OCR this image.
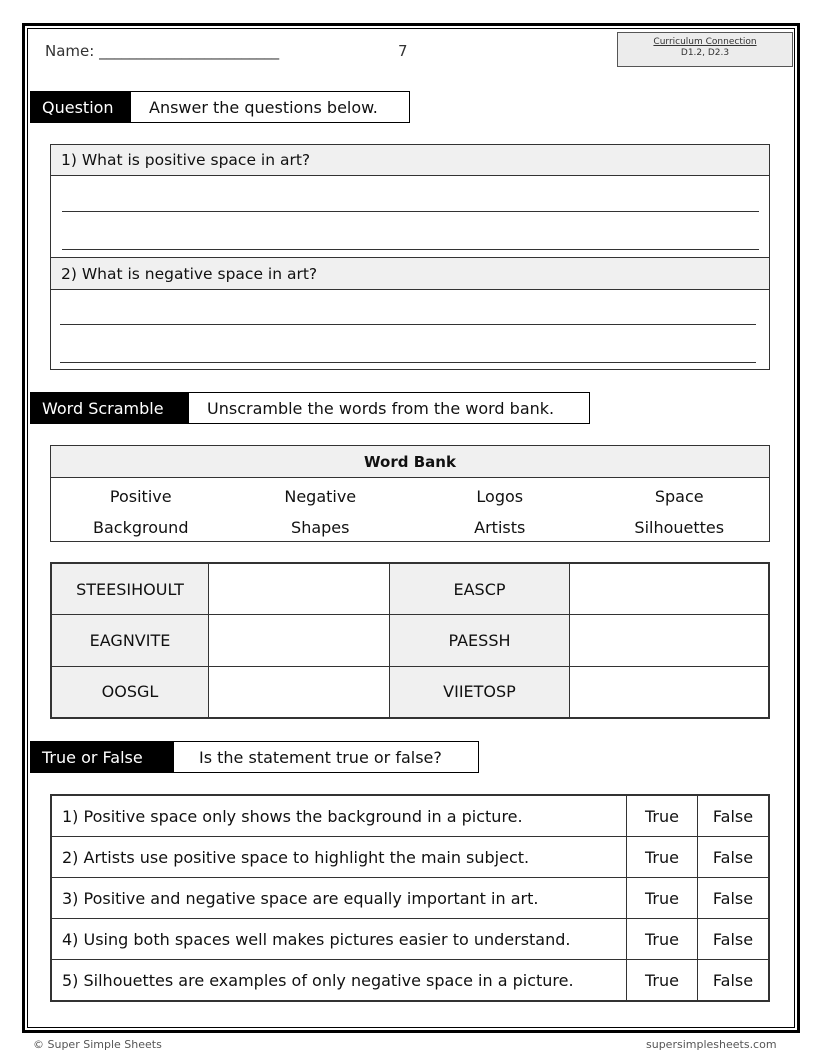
Name: ________________________	7	Curriculum Connection
D1.2, D2.3
Question	Answer the questions below.
1) What is positive space in art?
2) What is negative space in art?
Word Scramble	Unscramble the words from the word bank.
Word Bank
Positive	Negative	Logos	Space
Background	Shapes	Artists	Silhouettes
STEESIHOULT		EASCP	
EAGNVITE		PAESSH	
OOSGL		VIIETOSP	
True or False	Is the statement true or false?
1) Positive space only shows the background in a picture.	True	False
2) Artists use positive space to highlight the main subject.	True	False
3) Positive and negative space are equally important in art.	True	False
4) Using both spaces well makes pictures easier to understand.	True	False
5) Silhouettes are examples of only negative space in a picture.	True	False
© Super Simple Sheets	supersimplesheets.com
